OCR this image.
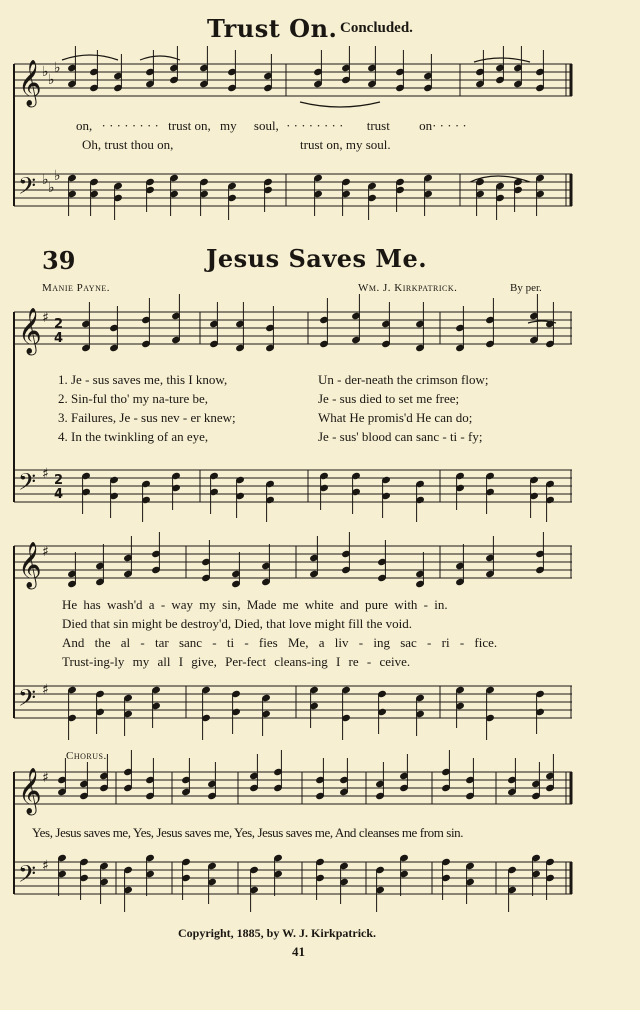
Trust On. Concluded.
𝄞
𝄢
♭ ♭
♭
♭ ♭
♭
𝄞
𝄢
♯
♯
2
4
2
4
𝄞
𝄢
♯
♯
𝄞
𝄢
♯
♯
on, · · · · · · · · trust on, my soul, · · · · · · · · trust on· · · · ·
Oh, trust thou on,	trust on, my soul.
39	Jesus Saves Me.
Manie Payne.	Wm. J. Kirkpatrick.	By per.
1. Je - sus saves me, this I know,	Un - der-neath the crimson flow;
2. Sin-ful tho' my na-ture be,	Je - sus died to set me free;
3. Failures, Je - sus nev - er knew;	What He promis'd He can do;
4. In the twinkling of an eye,	Je - sus' blood can sanc - ti - fy;
He has wash'd a - way my sin, Made me white and pure with - in.
Died that sin might be destroy'd, Died, that love might fill the void.
And the al - tar sanc - ti - fies Me, a liv - ing sac - ri - fice.
Trust-ing-ly my all I give, Per-fect cleans-ing I re - ceive.
Chorus.
Yes, Jesus saves me, Yes, Jesus saves me, Yes, Jesus saves me, And cleanses me from sin.
Copyright, 1885, by W. J. Kirkpatrick.
41
